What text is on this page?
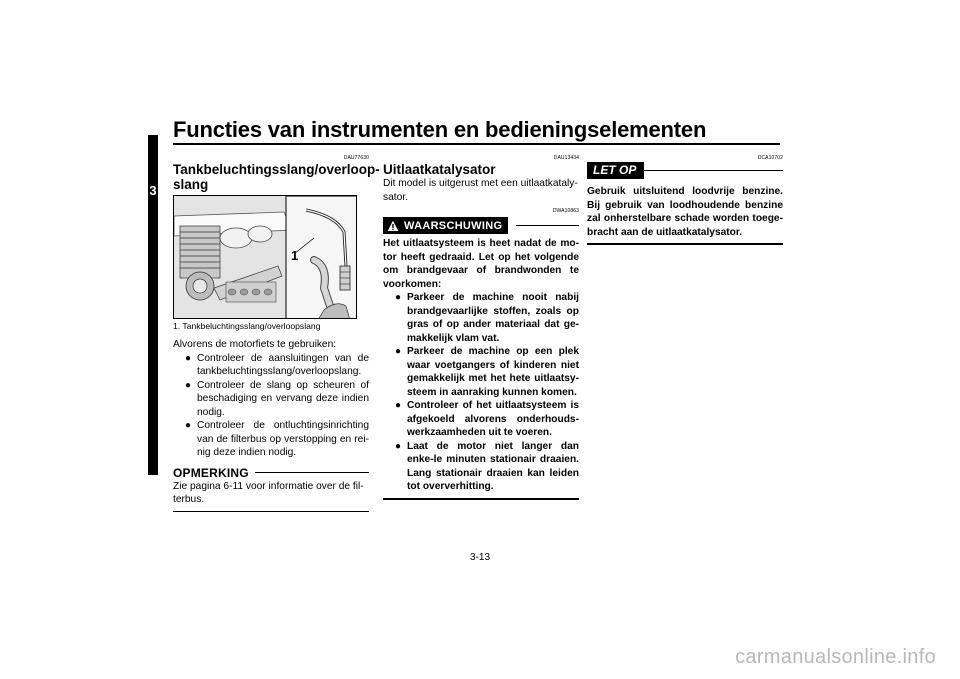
Functies van instrumenten en bedieningselementen
3
DAU77630
Tankbeluchtingsslang/overloop-slang
1
1. Tankbeluchtingsslang/overloopslang
Alvorens de motorfiets te gebruiken:
● Controleer de aansluitingen van de tankbeluchtingsslang/overloopslang.
● Controleer de slang op scheuren of beschadiging en vervang deze indien nodig.
● Controleer de ontluchtingsinrichting van de filterbus op verstopping en rei-nig deze indien nodig.
OPMERKING
Zie pagina 6-11 voor informatie over de fil-terbus.
DAU13434
Uitlaatkatalysator
Dit model is uitgerust met een uitlaatkataly-sator.
DWA10863
WAARSCHUWING
Het uitlaatsysteem is heet nadat de mo-tor heeft gedraaid. Let op het volgende om brandgevaar of brandwonden te voorkomen:
● Parkeer de machine nooit nabij brandgevaarlijke stoffen, zoals op gras of op ander materiaal dat ge-makkelijk vlam vat.
● Parkeer de machine op een plek waar voetgangers of kinderen niet gemakkelijk met het hete uitlaatsy-steem in aanraking kunnen komen.
● Controleer of het uitlaatsysteem is afgekoeld alvorens onderhouds-werkzaamheden uit te voeren.
● Laat de motor niet langer dan enke-le minuten stationair draaien. Lang stationair draaien kan leiden tot oververhitting.
DCA10702
LET OP
Gebruik uitsluitend loodvrije benzine. Bij gebruik van loodhoudende benzine zal onherstelbare schade worden toege-bracht aan de uitlaatkatalysator.
3-13
carmanualsonline.info
